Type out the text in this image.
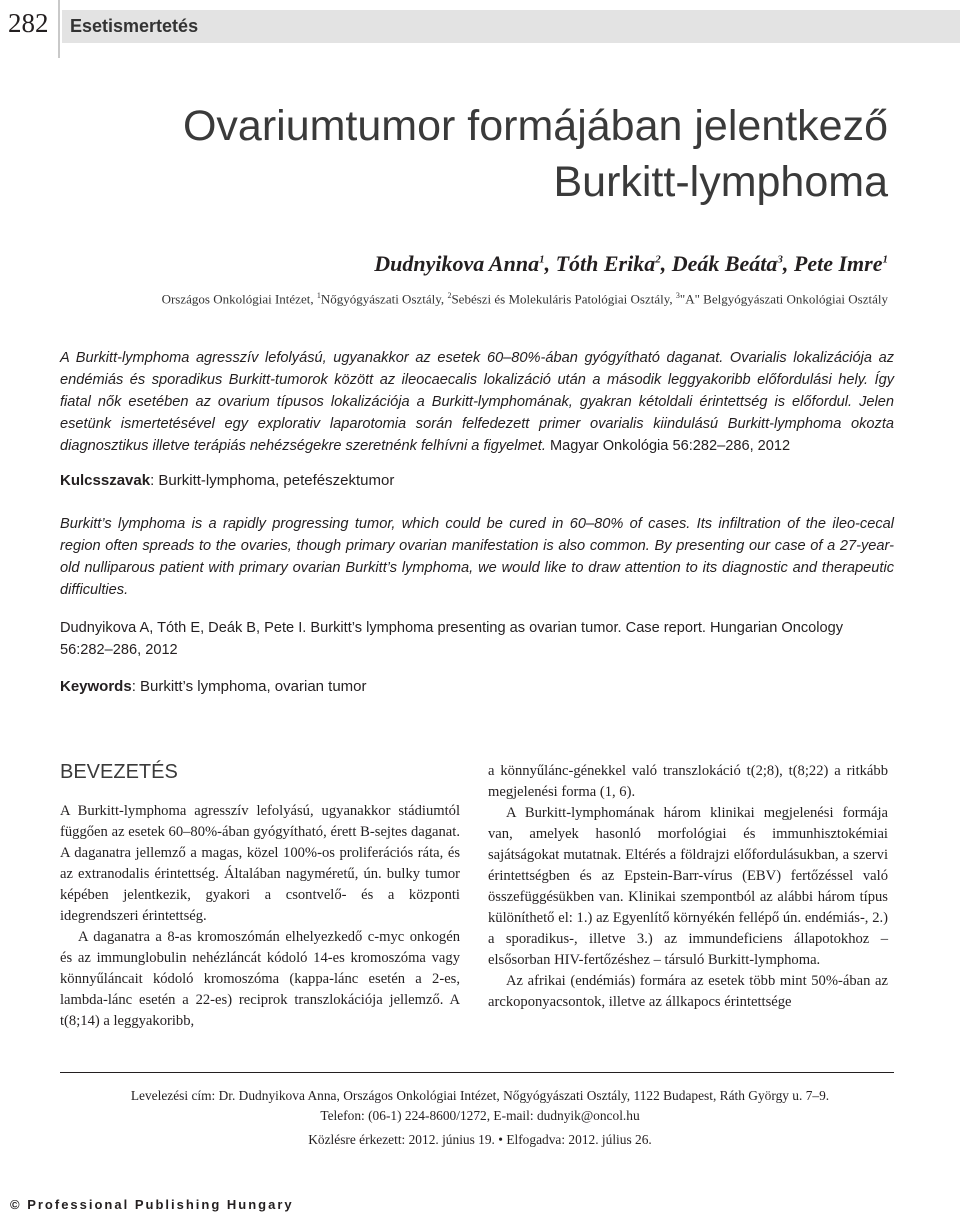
282 Esetismertetés
Ovariumtumor formájában jelentkező
Burkitt-lymphoma
Dudnyikova Anna$^1$, Tóth Erika$^2$, Deák Beáta$^3$, Pete Imre$^1$
Országos Onkológiai Intézet, $^1$Nőgyógyászati Osztály, $^2$Sebészi és Molekuláris Patológiai Osztály, $^3$"A" Belgyógyászati Onkológiai Osztály
A Burkitt-lymphoma agresszív lefolyású, ugyanakkor az esetek 60–80%-ában gyógyítható daganat. Ovarialis lokalizációja az endémiás és sporadikus Burkitt-tumorok között az ileocaecalis lokalizáció után a második leggyakoribb előfordulási hely. Így fiatal nők esetében az ovarium típusos lokalizációja a Burkitt-lymphomának, gyakran kétoldali érintettség is előfordul. Jelen esetünk ismertetésével egy explorativ laparotomia során felfedezett primer ovarialis kiindulású Burkitt-lymphoma okozta diagnosztikus illetve terápiás nehézségekre szeretnénk felhívni a figyelmet. Magyar Onkológia 56:282–286, 2012
Kulcsszavak: Burkitt-lymphoma, petefészektumor
Burkitt’s lymphoma is a rapidly progressing tumor, which could be cured in 60–80% of cases. Its infiltration of the ileo-cecal region often spreads to the ovaries, though primary ovarian manifestation is also common. By presenting our case of a 27-year-old nulliparous patient with primary ovarian Burkitt’s lymphoma, we would like to draw attention to its diagnostic and therapeutic difficulties.
Dudnyikova A, Tóth E, Deák B, Pete I. Burkitt’s lymphoma presenting as ovarian tumor. Case report. Hungarian Oncology 56:282–286, 2012
Keywords: Burkitt’s lymphoma, ovarian tumor
BEVEZETÉS

A Burkitt-lymphoma agresszív lefolyású, ugyanakkor stádiumtól függően az esetek 60–80%-ában gyógyítható, érett B-sejtes daganat. A daganatra jellemző a magas, közel 100%-os proliferációs ráta, és az extranodalis érintettség. Általában nagyméretű, ún. bulky tumor képében jelentkezik, gyakori a csontvelő- és a központi idegrendszeri érintettség.

A daganatra a 8-as kromoszómán elhelyezkedő c-myc onkogén és az immunglobulin nehézláncát kódoló 14-es kromoszóma vagy könnyűláncait kódoló kromoszóma (kappa-lánc esetén a 2-es, lambda-lánc esetén a 22-es) reciprok transzlokációja jellemző. A t(8;14) a leggyakoribb,

a könnyűlánc-génekkel való transzlokáció t(2;8), t(8;22) a ritkább megjelenési forma (1, 6).

A Burkitt-lymphomának három klinikai megjelenési formája van, amelyek hasonló morfológiai és immunhisztokémiai sajátságokat mutatnak. Eltérés a földrajzi előfordulásukban, a szervi érintettségben és az Epstein-Barr-vírus (EBV) fertőzéssel való összefüggésükben van. Klinikai szempontból az alábbi három típus különíthető el: 1.) az Egyenlítő környékén fellépő ún. endémiás-, 2.) a sporadikus-, illetve 3.) az immundeficiens állapotokhoz – elsősorban HIV-fertőzéshez – társuló Burkitt-lymphoma.

Az afrikai (endémiás) formára az esetek több mint 50%-ában az arckoponyacsontok, illetve az állkapocs érintettsége

Levelezési cím: Dr. Dudnyikova Anna, Országos Onkológiai Intézet, Nőgyógyászati Osztály, 1122 Budapest, Ráth György u. 7–9.
Telefon: (06-1) 224-8600/1272, E-mail: dudnyik@oncol.hu
Közlésre érkezett: 2012. június 19. • Elfogadva: 2012. július 26.
© Professional Publishing Hungary
